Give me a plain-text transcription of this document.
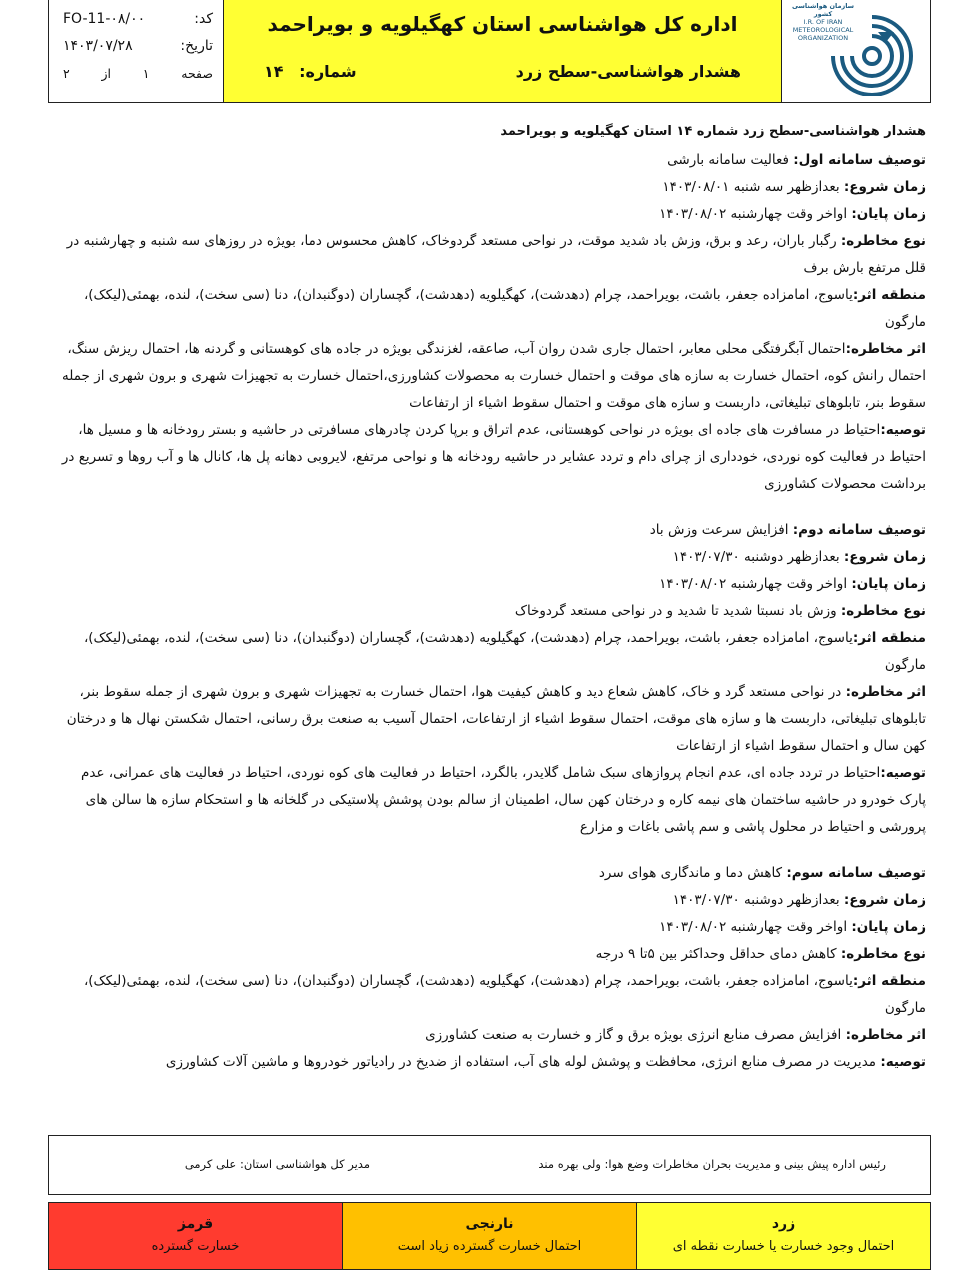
کد:
FO-11-۰۸/۰۰
تاریخ:
۱۴۰۳/۰۷/۲۸
صفحه
۱
از
۲
اداره کل هواشناسی استان کهگیلویه و بویراحمد
هشدار هواشناسی-سطح زرد
شماره: ۱۴
سازمان هواشناسی کشور
I.R. OF IRAN
METEOROLOGICAL
ORGANIZATION
هشدار هواشناسی-سطح زرد شماره ۱۴ استان کهگیلویه و بویراحمد

توصیف سامانه اول: فعالیت سامانه بارشی

زمان شروع: بعدازظهر سه شنبه ۱۴۰۳/۰۸/۰۱

زمان پایان: اواخر وقت چهارشنبه ۱۴۰۳/۰۸/۰۲

نوع مخاطره: رگبار باران، رعد و برق، وزش باد شدید موقت، در نواحی مستعد گردوخاک، کاهش محسوس دما، بویژه در روزهای سه شنبه و چهارشنبه در قلل مرتفع بارش برف

منطقه اثر:یاسوج، امامزاده جعفر، باشت، بویراحمد، چرام (دهدشت)، کهگیلویه (دهدشت)، گچساران (دوگنبدان)، دنا (سی سخت)، لنده، بهمئی(لیکک)، مارگون

اثر مخاطره:احتمال آبگرفتگی محلی معابر، احتمال جاری شدن روان آب، صاعقه، لغزندگی بویژه در جاده های کوهستانی و گردنه ها، احتمال ریزش سنگ، احتمال رانش کوه، احتمال خسارت به سازه های موقت و احتمال خسارت به محصولات کشاورزی،احتمال خسارت به تجهیزات شهری و برون شهری از جمله سقوط بنر، تابلوهای تبلیغاتی، داربست و سازه های موقت و احتمال سقوط اشیاء از ارتفاعات

توصیه:احتیاط در مسافرت های جاده ای بویژه در نواحی کوهستانی، عدم اتراق و برپا کردن چادرهای مسافرتی در حاشیه و بستر رودخانه ها و مسیل ها، احتیاط در فعالیت کوه نوردی، خودداری از چرای دام و تردد عشایر در حاشیه رودخانه ها و نواحی مرتفع، لایروبی دهانه پل ها، کانال ها و آب روها و تسریع در برداشت محصولات کشاورزی

توصیف سامانه دوم: افزایش سرعت وزش باد

زمان شروع: بعدازظهر دوشنبه ۱۴۰۳/۰۷/۳۰

زمان پایان: اواخر وقت چهارشنبه ۱۴۰۳/۰۸/۰۲

نوع مخاطره: وزش باد نسبتا شدید تا شدید و در نواحی مستعد گردوخاک

منطقه اثر:یاسوج، امامزاده جعفر، باشت، بویراحمد، چرام (دهدشت)، کهگیلویه (دهدشت)، گچساران (دوگنبدان)، دنا (سی سخت)، لنده، بهمئی(لیکک)، مارگون

اثر مخاطره: در نواحی مستعد گرد و خاک، کاهش شعاع دید و کاهش کیفیت هوا، احتمال خسارت به تجهیزات شهری و برون شهری از جمله سقوط بنر، تابلوهای تبلیغاتی، داربست ها و سازه های موقت، احتمال سقوط اشیاء از ارتفاعات، احتمال آسیب به صنعت برق رسانی، احتمال شکستن نهال ها و درختان کهن سال و احتمال سقوط اشیاء از ارتفاعات

توصیه:احتیاط در تردد جاده ای، عدم انجام پروازهای سبک شامل گلایدر، بالگرد، احتیاط در فعالیت های کوه نوردی، احتیاط در فعالیت های عمرانی، عدم پارک خودرو در حاشیه ساختمان های نیمه کاره و درختان کهن سال، اطمینان از سالم بودن پوشش پلاستیکی در گلخانه ها و استحکام سازه ها سالن های پرورشی و احتیاط در محلول پاشی و سم پاشی باغات و مزارع

توصیف سامانه سوم: کاهش دما و ماندگاری هوای سرد

زمان شروع: بعدازظهر دوشنبه ۱۴۰۳/۰۷/۳۰

زمان پایان: اواخر وقت چهارشنبه ۱۴۰۳/۰۸/۰۲

نوع مخاطره: کاهش دمای حداقل وحداکثر بین ۵تا ۹ درجه

منطقه اثر:یاسوج، امامزاده جعفر، باشت، بویراحمد، چرام (دهدشت)، کهگیلویه (دهدشت)، گچساران (دوگنبدان)، دنا (سی سخت)، لنده، بهمئی(لیکک)، مارگون

اثر مخاطره: افزایش مصرف منابع انرژی بویژه برق و گاز و خسارت به صنعت کشاورزی

توصیه: مدیریت در مصرف منابع انرژی، محافظت و پوشش لوله های آب، استفاده از ضدیخ در رادیاتور خودروها و ماشین آلات کشاورزی

رئیس اداره پیش بینی و مدیریت بحران مخاطرات وضع هوا: ولی بهره مند
مدیر کل هواشناسی استان: علی کرمی
زرد
احتمال وجود خسارت یا خسارت نقطه ای
نارنجی
احتمال خسارت گسترده زیاد است
قرمز
خسارت گسترده
